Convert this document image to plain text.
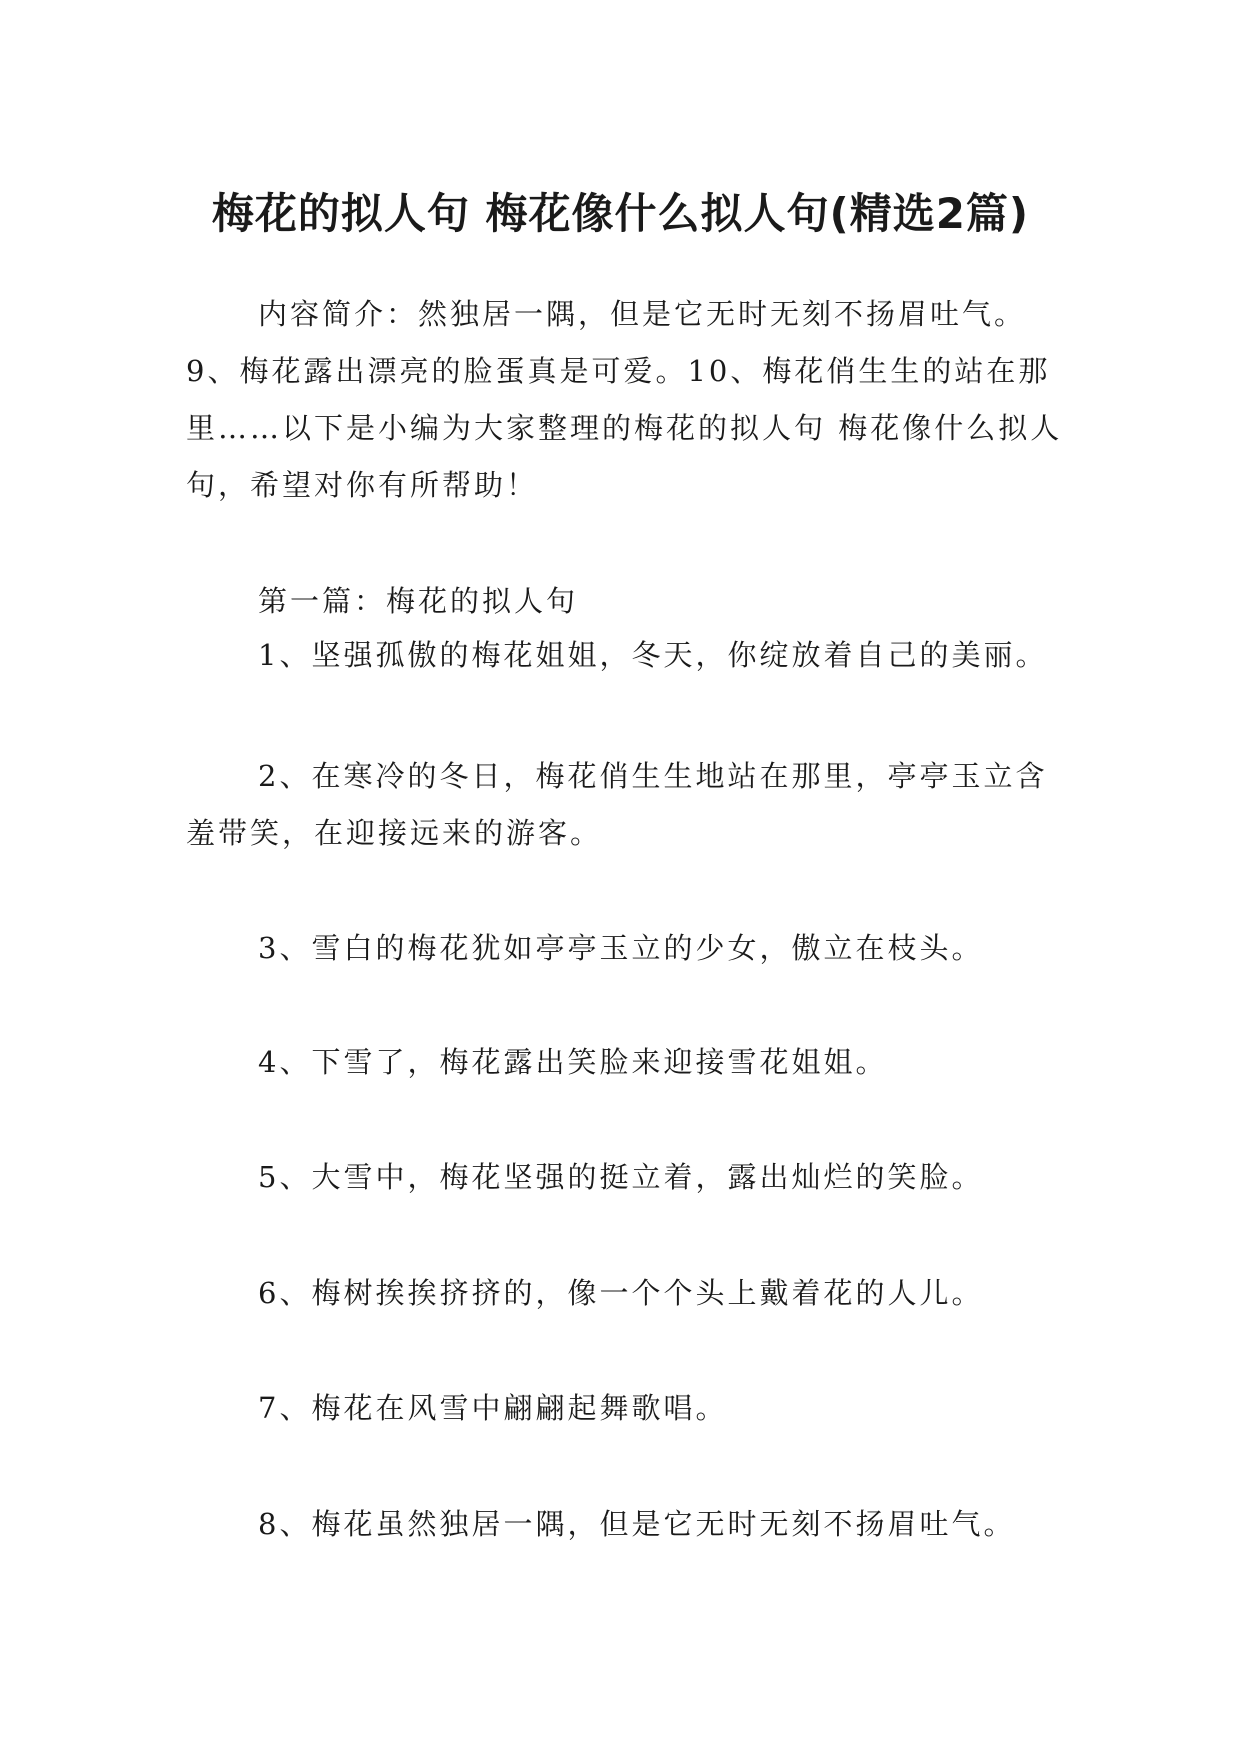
梅花的拟人句 梅花像什么拟人句(精选2篇)

内容简介：然独居一隅，但是它无时无刻不扬眉吐气。9、梅花露出漂亮的脸蛋真是可爱。10、梅花俏生生的站在那里……以下是小编为大家整理的梅花的拟人句 梅花像什么拟人句，希望对你有所帮助！

第一篇：梅花的拟人句

1、坚强孤傲的梅花姐姐，冬天，你绽放着自己的美丽。

2、在寒冷的冬日，梅花俏生生地站在那里，亭亭玉立含羞带笑，在迎接远来的游客。

3、雪白的梅花犹如亭亭玉立的少女，傲立在枝头。

4、下雪了，梅花露出笑脸来迎接雪花姐姐。

5、大雪中，梅花坚强的挺立着，露出灿烂的笑脸。

6、梅树挨挨挤挤的，像一个个头上戴着花的人儿。

7、梅花在风雪中翩翩起舞歌唱。

8、梅花虽然独居一隅，但是它无时无刻不扬眉吐气。
